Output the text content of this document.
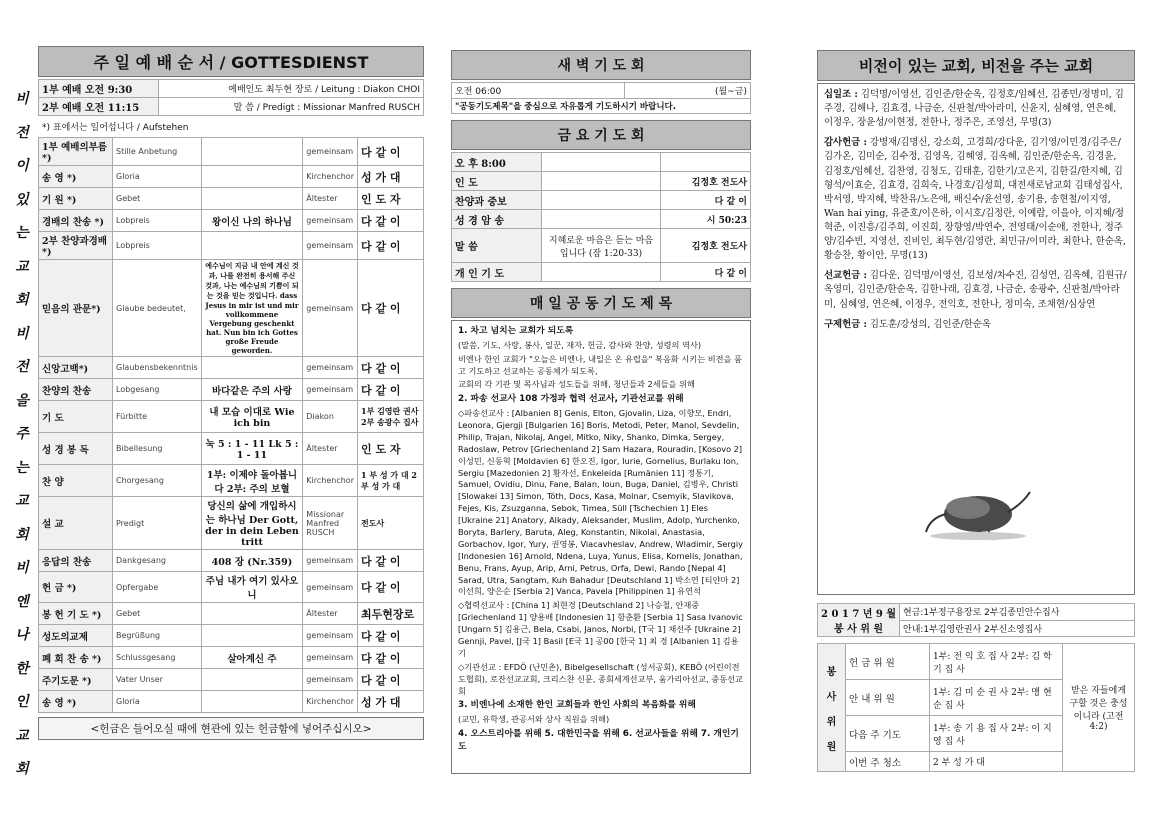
비
전
이
있
는
교
회
비
전
을
주
는
교
회
비
엔
나
한
인
교
회
주 일 예 배 순 서 / GOTTESDIENST
1부 예배 오전 9:30	예배인도 최두현 장로 / Leitung : Diakon CHOI
2부 예배 오전 11:15	말 씀 / Predigt : Missionar Manfred RUSCH
*) 표에서는 일어섭니다 / Aufstehen
1부 예배의부름*)	Stille Anbetung		gemeinsam	다 같 이
송 영 *)	Gloria		Kirchenchor	성 가 대
기 원 *)	Gebet		Ältester	인 도 자
경배의 찬송 *)	Lobpreis	왕이신 나의 하나님	gemeinsam	다 같 이
2부 찬양과경배*)	Lobpreis		gemeinsam	다 같 이
믿음의 관문*)	Glaube bedeutet,	예수님이 지금 내 안에 계신 것과, 나를 완전히 용서해 주신 것과, 나는 예수님의 기쁨이 되는 것을 믿는 것입니다. dass Jesus in mir ist und mir vollkommene Vergebung geschenkt hat. Nun bin ich Gottes große Freude geworden.	gemeinsam	다 같 이
신앙고백*)	Glaubensbekenntnis		gemeinsam	다 같 이
찬양의 찬송	Lobgesang	바다같은 주의 사랑	gemeinsam	다 같 이
기 도	Fürbitte	내 모습 이대로 Wie ich bin	Diakon	1부 김영란 권사 2부 송광수 집사
성 경 봉 독	Bibellesung	눅 5 : 1 - 11 Lk 5 : 1 - 11	Ältester	인 도 자
찬 양	Chorgesang	1부: 이제야 돌아봅니다 2부: 주의 보혈	Kirchenchor	1 부 성 가 대 2 부 성 가 대
설 교	Predigt	당신의 삶에 개입하시는 하나님 Der Gott, der in dein Leben tritt	Missionar Manfred RUSCH	전도사
응답의 찬송	Dankgesang	408 장 (Nr.359)	gemeinsam	다 같 이
헌 금 *)	Opfergabe	주님 내가 여기 있사오니	gemeinsam	다 같 이
봉 헌 기 도 *)	Gebet		Ältester	최두현장로
성도의교제	Begrüßung		gemeinsam	다 같 이
폐 회 찬 송 *)	Schlussgesang	살아계신 주	gemeinsam	다 같 이
주기도문 *)	Vater Unser		gemeinsam	다 같 이
송 영 *)	Gloria		Kirchenchor	성 가 대
<헌금은 들어오실 때에 현관에 있는 헌금함에 넣어주십시오>
새 벽 기 도 회
오전 06:00	(월~금)
"공동기도제목"을 중심으로 자유롭게 기도하시기 바랍니다.
금 요 기 도 회
오 후 8:00		
인 도		김정호 전도사
찬양과 중보		다 같 이
성 경 암 송		시 50:23
말 씀	지혜로운 마음은 듣는 마음입니다 (잠 1:20-33)	김정호 전도사
개 인 기 도		다 같 이
매 일 공 동 기 도 제 목

1. 차고 넘치는 교회가 되도록

(말씀, 기도, 사랑, 봉사, 일꾼, 재자, 헌금, 감사와 찬양, 성령의 역사)

비엔나 한인 교회가 "오늘은 비엔나, 내일은 온 유럽을" 복음화 시키는 비전을 품고 기도하고 선교하는 공동체가 되도록,

교회의 각 기관 및 목사님과 성도들을 위해, 청년들과 2세들을 위해

2. 파송 선교사 108 가정과 협력 선교사, 기관선교를 위해

◇파송선교사 : [Albanien 8] Genis, Elton, Gjovalin, Liza, 이향모, Endri, Leonora, Gjergji [Bulgarien 16] Boris, Metodi, Peter, Manol, Sevdelin, Philip, Trajan, Nikolaj, Angel, Mitko, Niky, Shanko, Dimka, Sergey, Radoslaw, Petrov [Griechenland 2] Sam Hazara, Rouradin, [Kosovo 2] 이성민, 신동혁 [Moldavien 6] 한오진, Igor, Iurie, Gornelius, Burlaku Ion, Sergiu [Mazedonien 2] 황자선, Enkeleida [Rumänien 11] 정통기, Samuel, Ovidiu, Dinu, Fane, Balan, Ioun, Buga, Daniel, 김병우, Christi [Slowakei 13] Simon, Tóth, Docs, Kasa, Molnar, Csemyik, Slavikova, Fejes, Kis, Zsuzganna, Sebok, Timea, Süll [Tschechien 1] Eles [Ukraine 21] Anatory, Alkady, Aleksander, Muslim, Adolp, Yurchenko, Boryta, Barlery, Baruta, Aleg, Konstantin, Nikolai, Anastasia, Gorbachov, Igor, Yury, 권영봉, Viacavheslav, Andrew, Wladimir, Sergiy [Indonesien 16] Arnold, Ndena, Luya, Yunus, Elisa, Kornelis, Jonathan, Benu, Frans, Ayup, Arip, Arni, Petrus, Orfa, Dewi, Rando [Nepal 4] Sarad, Utra, Sangtam, Kuh Bahadur [Deutschland 1] 박소연 [티얀마 2] 이선희, 양은순 [Serbia 2] Vanca, Pavela [Philippinen 1] 유연석

◇협력선교사 : [China 1] 최현경 [Deutschland 2] 나승철, 안재중 [Griechenland 1] 양용배 [Indonesien 1] 함춘환 [Serbia 1] Sasa Ivanovic [Ungarn 5] 김용근, Bela, Csabi, Janos, Norbi, [T국 1] 채선주 [Ukraine 2] Gennji, Pavel, [J국 1] Basil [E국 1] 공00 [한국 1] 최 경 [Albanien 1] 김용기

◇기관선교 : EFDÖ (난민촌), Bibelgesellschaft (성서공회), KEBÖ (어린이전도협회), 로잔선교교회, 크리스챤 신문, 종회세계선교부, 움가리아선교, 중동선교회

3. 비엔나에 소재한 한인 교회들과 한인 사회의 복음화를 위해

(교민, 유학생, 관공서와 상사 직원을 위해)

4. 오스트리아를 위해 5. 대한민국을 위해 6. 선교사들을 위해 7. 개인기도

비전이 있는 교회, 비전을 주는 교회

십일조 : 김덕명/이영선, 김인준/한순옥, 김정호/임혜선, 김종민/정명미, 김주경, 김해나, 김효경, 나금순, 신판철/박아라미, 신윤지, 심혜영, 연은혜, 이정우, 장윤성/이현정, 전한나, 정주은, 조영선, 무명(3)

감사헌금 : 강병재/김명신, 강소희, 고경희/강다운, 김기영/이민경/김주은/김가온, 김미순, 김수정, 김영옥, 김혜영, 김옥혜, 김인준/한순옥, 김경윤, 김정호/임혜선, 김찬영, 김청도, 김태훈, 김한기/고은지, 김한길/한지혜, 김형석/이효순, 김효경, 김희숙, 나경호/김성희, 대전새로남교회 김태성집사, 박서영, 박지혜, 박찬유/노은애, 배신수/윤선영, 송기용, 송현철/이지영, Wan hai ying, 유준호/이은하, 이시호/김정란, 이예람, 이을아, 이지혜/정혁준, 이진흥/김주희, 이진희, 장향영/박연수, 전영태/이순애, 전한나, 정주양/김수빈, 지영선, 진비인, 최두현/김영란, 최민규/이미라, 최한나, 한순옥, 황승찬, 황이안, 무명(13)

선교헌금 : 김다운, 김덕명/이영선, 김보성/차수진, 김성연, 김옥혜, 김원규/옥영미, 김인준/한순옥, 김한나래, 김효경, 나금순, 송광수, 신판철/박아라미, 심혜영, 연은혜, 이정우, 전익호, 전한나, 정미숙, 조채현/심상연

구제헌금 : 김도훈/강성의, 김인준/한순옥

2 0 1 7 년 9 월
봉 사 위 원
	현금:1부정구용장로 2부김종민안수집사
안내:1부김영란권사 2부신소영집사
봉
사
위
원	헌 금 위 원	1부: 전 익 호 집 사 2부: 김 학 기 집 사	받은 자들에게 구할 것은 충성이니라 (고전4:2)
	안 내 위 원	1부: 김 미 순 권 사 2부: 맹 현 순 집 사	
	다음 주 기도	1부: 송 기 용 집 사 2부: 이 지 영 집 사	
	이번 주 청소	2 부 성 가 대	
